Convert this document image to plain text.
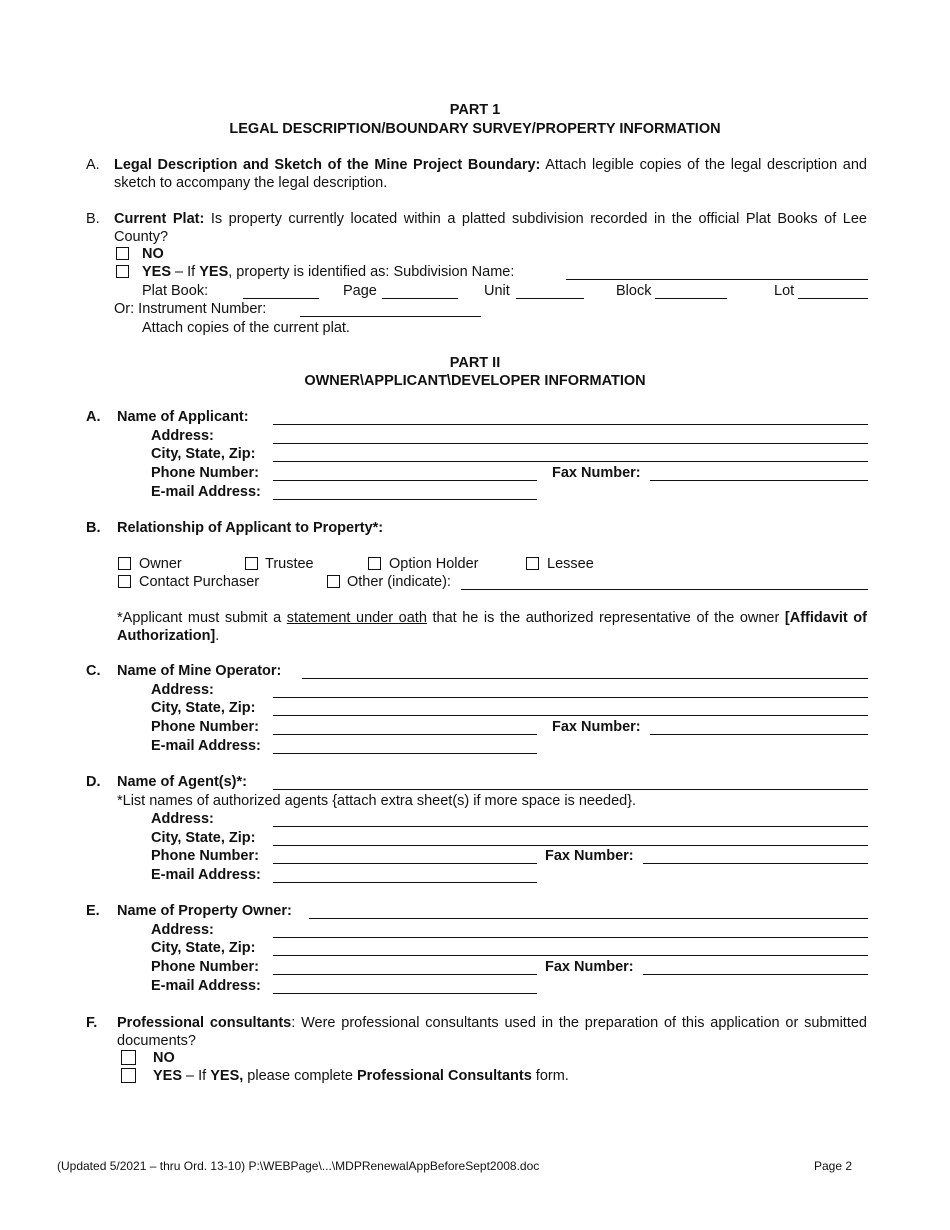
PART 1
LEGAL DESCRIPTION/BOUNDARY SURVEY/PROPERTY INFORMATION
A. Legal Description and Sketch of the Mine Project Boundary: Attach legible copies of the legal description and sketch to accompany the legal description.
B. Current Plat: Is property currently located within a platted subdivision recorded in the official Plat Books of Lee County?
NO
YES – If YES, property is identified as: Subdivision Name:
Plat Book:	Page	Unit	Block	Lot
Or: Instrument Number:
Attach copies of the current plat.
PART II
OWNER\APPLICANT\DEVELOPER INFORMATION
A. Name of Applicant:
Address:
City, State, Zip:
Phone Number:	Fax Number:
E-mail Address:
B. Relationship of Applicant to Property*:
Owner	Trustee	Option Holder	Lessee
Contact Purchaser	Other (indicate):
*Applicant must submit a statement under oath that he is the authorized representative of the owner [Affidavit of Authorization].
C. Name of Mine Operator:
Address:
City, State, Zip:
Phone Number:	Fax Number:
E-mail Address:
D. Name of Agent(s)*:
*List names of authorized agents {attach extra sheet(s) if more space is needed}.
Address:
City, State, Zip:
Phone Number:	Fax Number:
E-mail Address:
E. Name of Property Owner:
Address:
City, State, Zip:
Phone Number:	Fax Number:
E-mail Address:
F. Professional consultants: Were professional consultants used in the preparation of this application or submitted documents?
NO
YES – If YES, please complete Professional Consultants form.
(Updated 5/2021 – thru Ord. 13-10) P:\WEBPage\...\MDPRenewalAppBeforeSept2008.doc	Page 2
